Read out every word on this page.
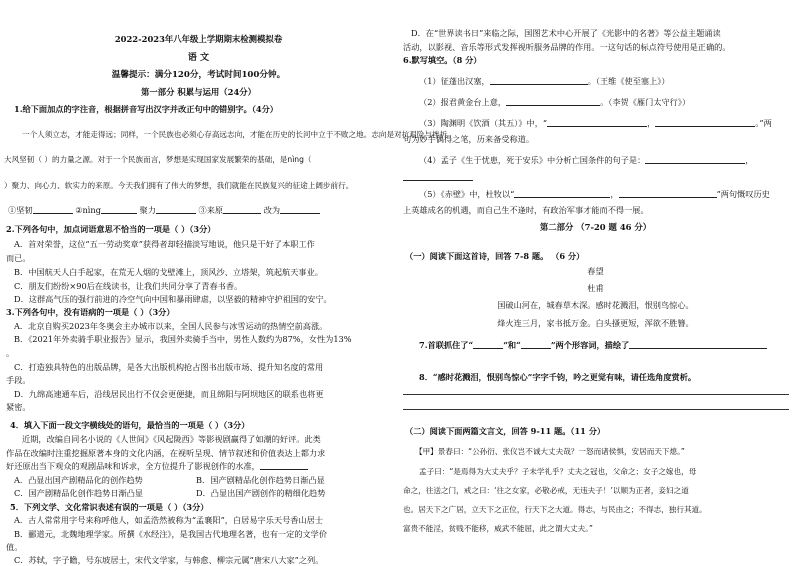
2022-2023年八年级上学期期末检测模拟卷
语 文
温馨提示：满分120分，考试时间100分钟。
第一部分 积累与运用（24分）
1.给下面加点的字注音，根据拼音写出汉字并改正句中的错别字。（4分）
一个人须立志，才能走得远；同样，一个民族也必须心存高远志向，才能在历史的长河中立于不败之地。志向是对抗艰险与挫折
大风坚韧（ ）的力量之源。对于一个民族而言，梦想是实现国家发展繁荣的基础，是nìng（
）聚力、向心力、软实力的来原。今天我们拥有了伟大的梦想，我们就能在民族复兴的征途上阔步前行。
①坚韧	②nìng	聚力	③来原	改为
2.下列各句中，加点词语意思不恰当的一项是（ ）（3分）
A．首对荣誉，这位“五一劳动奖章”获得者却轻描淡写地说，他只是干好了本职工作
而已。
B．中国航天人白手起家，在荒无人烟的戈壁滩上，顶风沙、立塔架，筑起航天事业。
C．朋友们纷纷×90后在线读书，让我们共同分享了青春书香。
D．这群高气压的强行前进的冷空气向中国和暴雨肆虐，以坚毅的精神守护祖国的安宁。
3.下列各句中，没有语病的一项是（ ）（3分）
A．北京自购买2023年冬奥会主办城市以来，全国人民参与冰雪运动的热情空前高涨。
B．《2021年外卖骑手职业报告》显示，我国外卖骑手当中，男性人数约为87%，女性为13%
。
C．打造独具特色的出版品牌，是各大出版机构抢占图书出版市场、提升知名度的常用
手段。
D．九绵高速通车后，沿线居民出行不仅会更便捷，而且绵阳与阿坝地区的联系也将更
紧密。
4．填入下面一段文字横线处的语句，最恰当的一项是（ ）（3分）
近期，改编自同名小说的《人世间》《风起陇西》等影视剧赢得了如潮的好评。此类
作品在改编时注重挖掘原著本身的文化内涵，在视听呈现、情节叙述和价值表达上都力求
好还原出当下观众的观剧品味和诉求，全方位提升了影视创作的水准，
A．凸显出国产剧精品化的创作趋势	B．国产剧精品化创作趋势日渐凸显
C．国产剧精品化创作趋势日渐凸显	D．凸显出国产剧创作的精细化趋势
5．下列文学、文化常识表述有误的一项是（ ）（3分）
A．古人常常用字号来称呼他人，如孟浩然被称为“孟襄阳”，白居易字乐天号香山居士
B．郦道元，北魏地理学家。所撰《水经注》，是我国古代地理名著，也有一定的文学价
值。
C．苏轼，字子瞻，号东坡居士，宋代文学家，与韩愈、柳宗元属“唐宋八大家”之列。
D．在“世界读书日”来临之际，国图艺术中心开展了《光影中的名著》等公益主题诵读
活动，以影视、音乐等形式发挥视听服务品牌的作用。一这句话的标点符号使用是正确的。
6.默写填空。（8 分）
（1）征蓬出汉塞，	。（王维《使至塞上》）
（2）报君黄金台上意，	。（李贺《雁门太守行》）
（3）陶渊明《饮酒（其五）》中，“	，	。”两
句为妙手偶得之笔，历来备受称道。
（4）孟子《生于忧患，死于安乐》中分析亡国条件的句子是：	，
（5）《赤壁》中，杜牧以“	，	”两句慨叹历史
上英雄成名的机遇，而自己生不逢时，有政治军事才能而不得一展。
第二部分 （7-20 题 46 分）
（一）阅读下面这首诗，回答 7-8 题。 （6 分）
春望
杜甫
国破山河在，城春草木深。感时花溅泪，恨别鸟惊心。
烽火连三月，家书抵万金。白头搔更短，浑欲不胜簪。
7.首联抓住了“	”和“	”两个形容词，描绘了
8．“感时花溅泪，恨别鸟惊心”字字千钧，吟之更觉有味，请任选角度赏析。
（二）阅读下面两篇文言文，回答 9-11 题。（11 分）
【甲】景春曰：“公孙衍、张仪岂不诚大丈夫哉？一怒而诸侯惧，安居而天下熄。”
孟子曰：“是焉得为大丈夫乎？子未学礼乎？丈夫之冠也，父命之；女子之嫁也，母
命之，往送之门，戒之曰：‘往之女家，必敬必戒，无违夫子！’以顺为正者，妾妇之道
也。居天下之广居，立天下之正位，行天下之大道。得志，与民由之；不得志，独行其道。
富贵不能淫，贫贱不能移，威武不能屈，此之谓大丈夫。”
